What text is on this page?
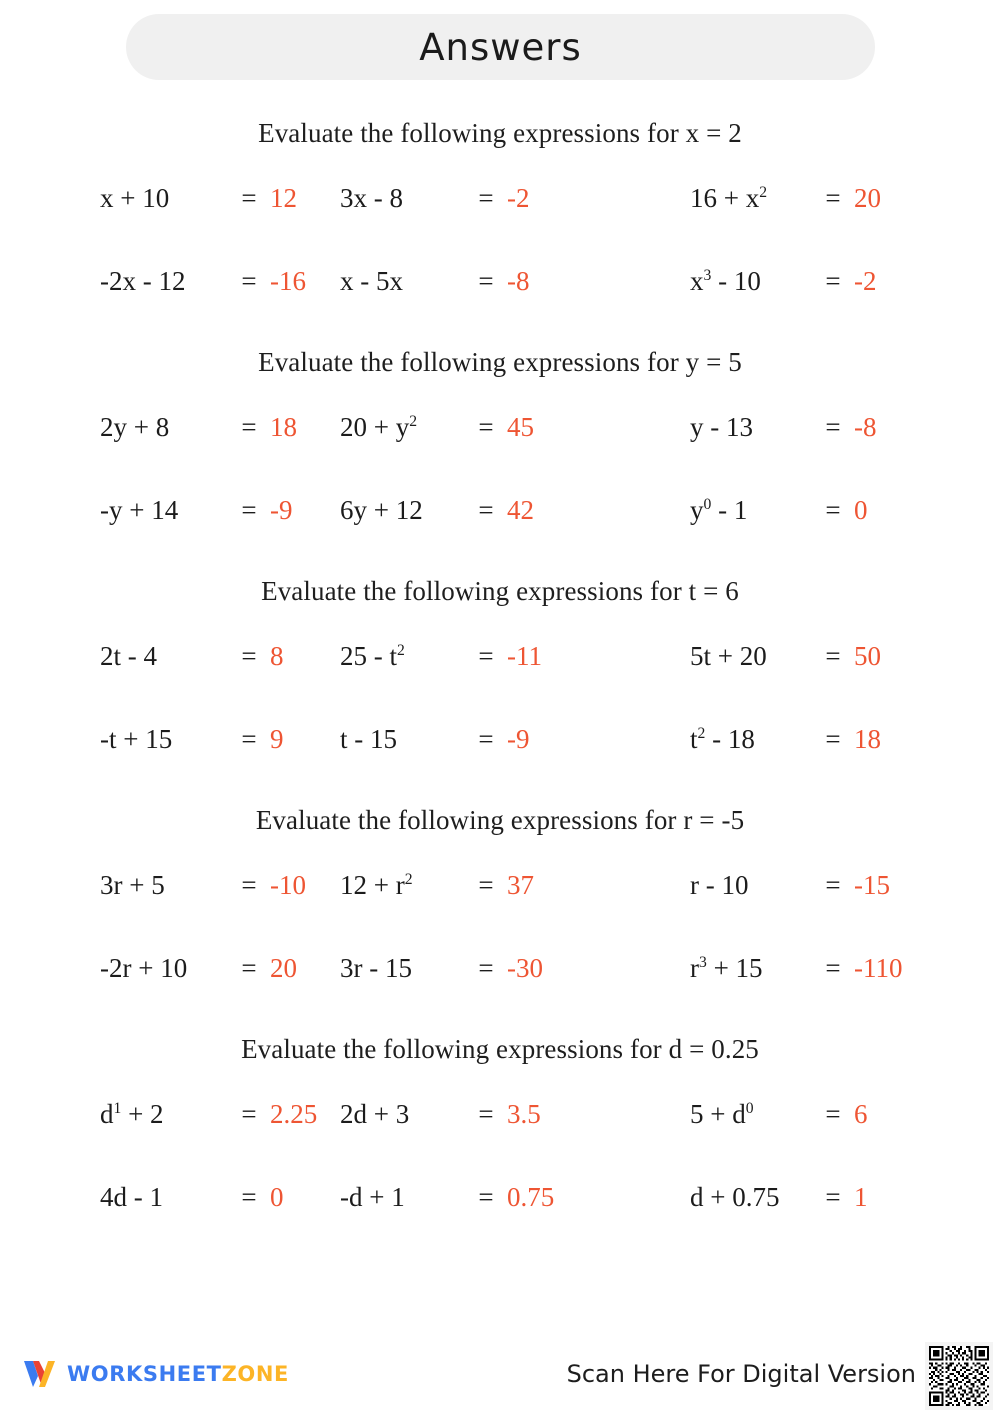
Answers
Evaluate the following expressions for x = 2
x + 10	= 12 3x - 8	= -2	$16 + x^2$	= 20
-2x - 12	= -16 x - 5x	= -8	$x^3 - 10$	= -2
Evaluate the following expressions for y = 5
2y + 8	= 18 $20 + y^2$	= 45	y - 13	= -8
-y + 14	= -9 6y + 12	= 42	$y^0 - 1$	= 0
Evaluate the following expressions for t = 6
2t - 4	= 8 $25 - t^2$	= -11	5t + 20	= 50
-t + 15	= 9 t - 15	= -9	$t^2 - 18$	= 18
Evaluate the following expressions for r = -5
3r + 5	= -10 $12 + r^2$	= 37	r - 10	= -15
-2r + 10	= 20 3r - 15	= -30	$r^3 + 15$	= -110
Evaluate the following expressions for d = 0.25
$d^1 + 2$	= 2.25 2d + 3	= 3.5	$5 + d^0$	= 6
4d - 1	= 0 -d + 1	= 0.75	d + 0.75	= 1
WORKSHEETZONE	Scan Here For Digital Version
